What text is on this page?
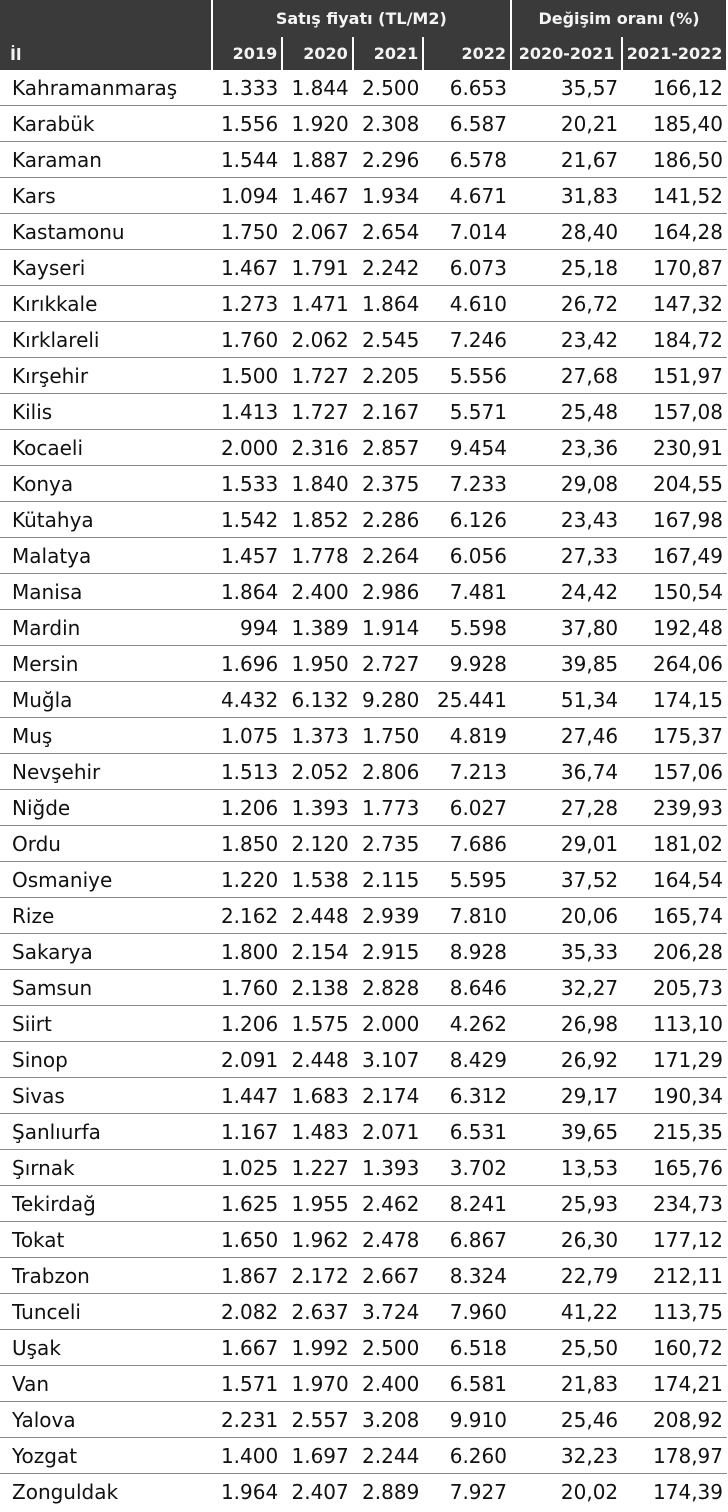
İl	Satış fiyatı (TL/M2)				Değişim oranı (%)	
	2019	2020	2021	2022	2020-2021	2021-2022
Kahramanmaraş	1.333	1.844	2.500	6.653	35,57	166,12
Karabük	1.556	1.920	2.308	6.587	20,21	185,40
Karaman	1.544	1.887	2.296	6.578	21,67	186,50
Kars	1.094	1.467	1.934	4.671	31,83	141,52
Kastamonu	1.750	2.067	2.654	7.014	28,40	164,28
Kayseri	1.467	1.791	2.242	6.073	25,18	170,87
Kırıkkale	1.273	1.471	1.864	4.610	26,72	147,32
Kırklareli	1.760	2.062	2.545	7.246	23,42	184,72
Kırşehir	1.500	1.727	2.205	5.556	27,68	151,97
Kilis	1.413	1.727	2.167	5.571	25,48	157,08
Kocaeli	2.000	2.316	2.857	9.454	23,36	230,91
Konya	1.533	1.840	2.375	7.233	29,08	204,55
Kütahya	1.542	1.852	2.286	6.126	23,43	167,98
Malatya	1.457	1.778	2.264	6.056	27,33	167,49
Manisa	1.864	2.400	2.986	7.481	24,42	150,54
Mardin	994	1.389	1.914	5.598	37,80	192,48
Mersin	1.696	1.950	2.727	9.928	39,85	264,06
Muğla	4.432	6.132	9.280	25.441	51,34	174,15
Muş	1.075	1.373	1.750	4.819	27,46	175,37
Nevşehir	1.513	2.052	2.806	7.213	36,74	157,06
Niğde	1.206	1.393	1.773	6.027	27,28	239,93
Ordu	1.850	2.120	2.735	7.686	29,01	181,02
Osmaniye	1.220	1.538	2.115	5.595	37,52	164,54
Rize	2.162	2.448	2.939	7.810	20,06	165,74
Sakarya	1.800	2.154	2.915	8.928	35,33	206,28
Samsun	1.760	2.138	2.828	8.646	32,27	205,73
Siirt	1.206	1.575	2.000	4.262	26,98	113,10
Sinop	2.091	2.448	3.107	8.429	26,92	171,29
Sivas	1.447	1.683	2.174	6.312	29,17	190,34
Şanlıurfa	1.167	1.483	2.071	6.531	39,65	215,35
Şırnak	1.025	1.227	1.393	3.702	13,53	165,76
Tekirdağ	1.625	1.955	2.462	8.241	25,93	234,73
Tokat	1.650	1.962	2.478	6.867	26,30	177,12
Trabzon	1.867	2.172	2.667	8.324	22,79	212,11
Tunceli	2.082	2.637	3.724	7.960	41,22	113,75
Uşak	1.667	1.992	2.500	6.518	25,50	160,72
Van	1.571	1.970	2.400	6.581	21,83	174,21
Yalova	2.231	2.557	3.208	9.910	25,46	208,92
Yozgat	1.400	1.697	2.244	6.260	32,23	178,97
Zonguldak	1.964	2.407	2.889	7.927	20,02	174,39
